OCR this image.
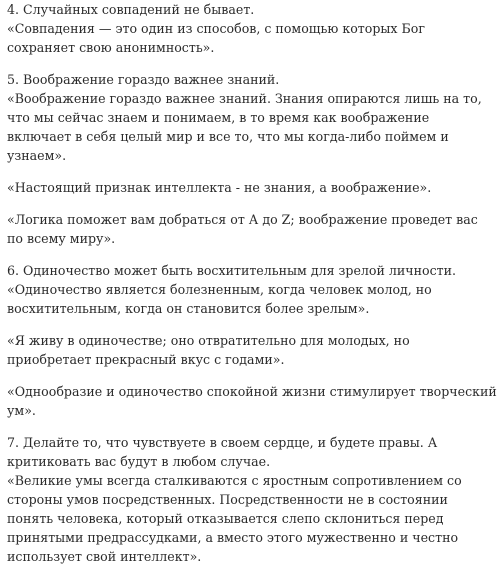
4. Случайных совпадений не бывает.
«Совпадения — это один из способов, с помощью которых Бог сохраняет свою анонимность».

5. Воображение гораздо важнее знаний.
«Воображение гораздо важнее знаний. Знания опираются лишь на то, что мы сейчас знаем и понимаем, в то время как воображение включает в себя целый мир и все то, что мы когда-либо поймем и узнаем».

«Настоящий признак интеллекта - не знания, а воображение».

«Логика поможет вам добраться от А до Z; воображение проведет вас по всему миру».

6. Одиночество может быть восхитительным для зрелой личности.
«Одиночество является болезненным, когда человек молод, но восхитительным, когда он становится более зрелым».

«Я живу в одиночестве; оно отвратительно для молодых, но приобретает прекрасный вкус с годами».

«Однообразие и одиночество спокойной жизни стимулирует творческий ум».

7. Делайте то, что чувствуете в своем сердце, и будете правы. А критиковать вас будут в любом случае.
«Великие умы всегда сталкиваются с яростным сопротивлением со стороны умов посредственных. Посредственности не в состоянии понять человека, который отказывается слепо склониться перед принятыми предрассудками, а вместо этого мужественно и честно использует свой интеллект».
